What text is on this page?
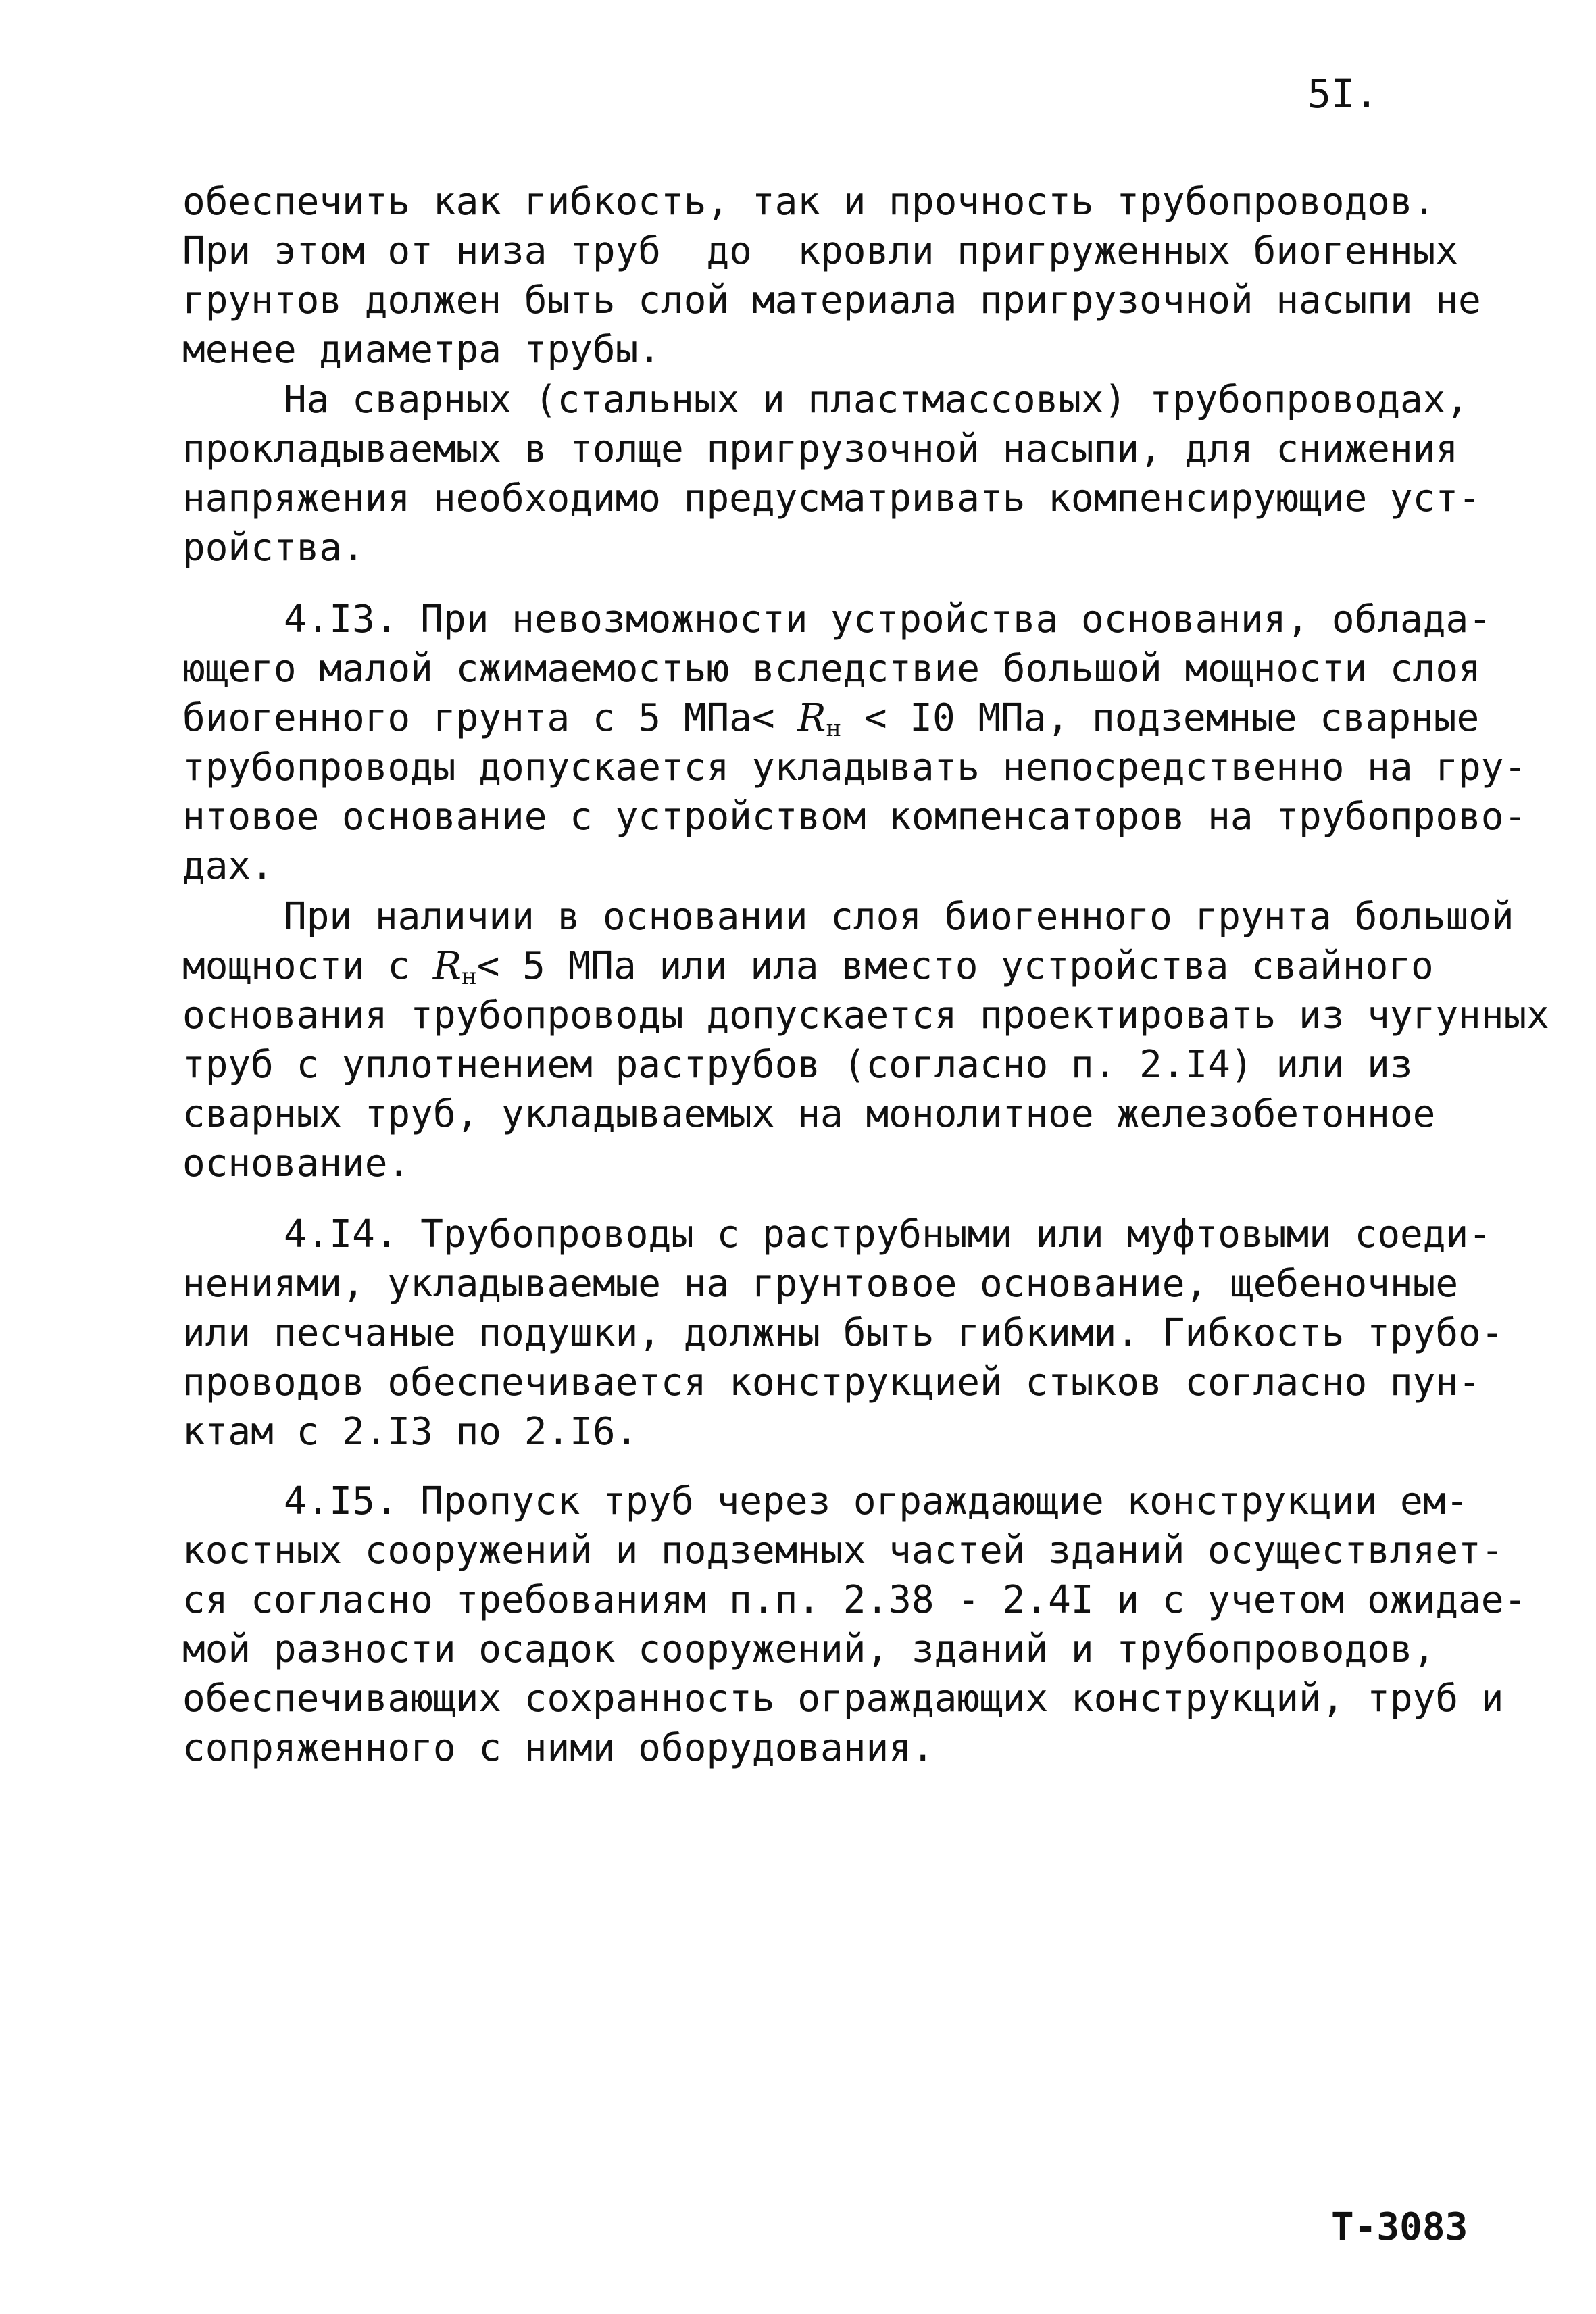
5I.
обеспечить как гибкость, так и прочность трубопроводов.
При этом от низа труб  до  кровли пригруженных биогенных
грунтов должен быть слой материала пригрузочной насыпи не
менее диаметра трубы.
На сварных (стальных и пластмассовых) трубопроводах,
прокладываемых в толще пригрузочной насыпи, для снижения
напряжения необходимо предусматривать компенсирующие уст-
ройства.
4.I3. При невозможности устройства основания, облада-
ющего малой сжимаемостью вследствие большой мощности слоя
биогенного грунта с 5 $МПа< R_н < I0$ МПа, подземные сварные
трубопроводы допускается укладывать непосредственно на гру-
нтовое основание с устройством компенсаторов на трубопрово-
дах.
При наличии в основании слоя биогенного грунта большой
мощности с $R_н< 5$ МПа или ила вместо устройства свайного
основания трубопроводы допускается проектировать из чугунных
труб с уплотнением раструбов (согласно п. 2.I4) или из
сварных труб, укладываемых на монолитное железобетонное
основание.
4.I4. Трубопроводы с раструбными или муфтовыми соеди-
нениями, укладываемые на грунтовое основание, щебеночные
или песчаные подушки, должны быть гибкими. Гибкость трубо-
проводов обеспечивается конструкцией стыков согласно пун-
ктам с 2.I3 по 2.I6.
4.I5. Пропуск труб через ограждающие конструкции ем-
костных сооружений и подземных частей зданий осуществляет-
ся согласно требованиям п.п. 2.38 - 2.4I и с учетом ожидае-
мой разности осадок сооружений, зданий и трубопроводов,
обеспечивающих сохранность ограждающих конструкций, труб и
сопряженного с ними оборудования.
Т-3083
